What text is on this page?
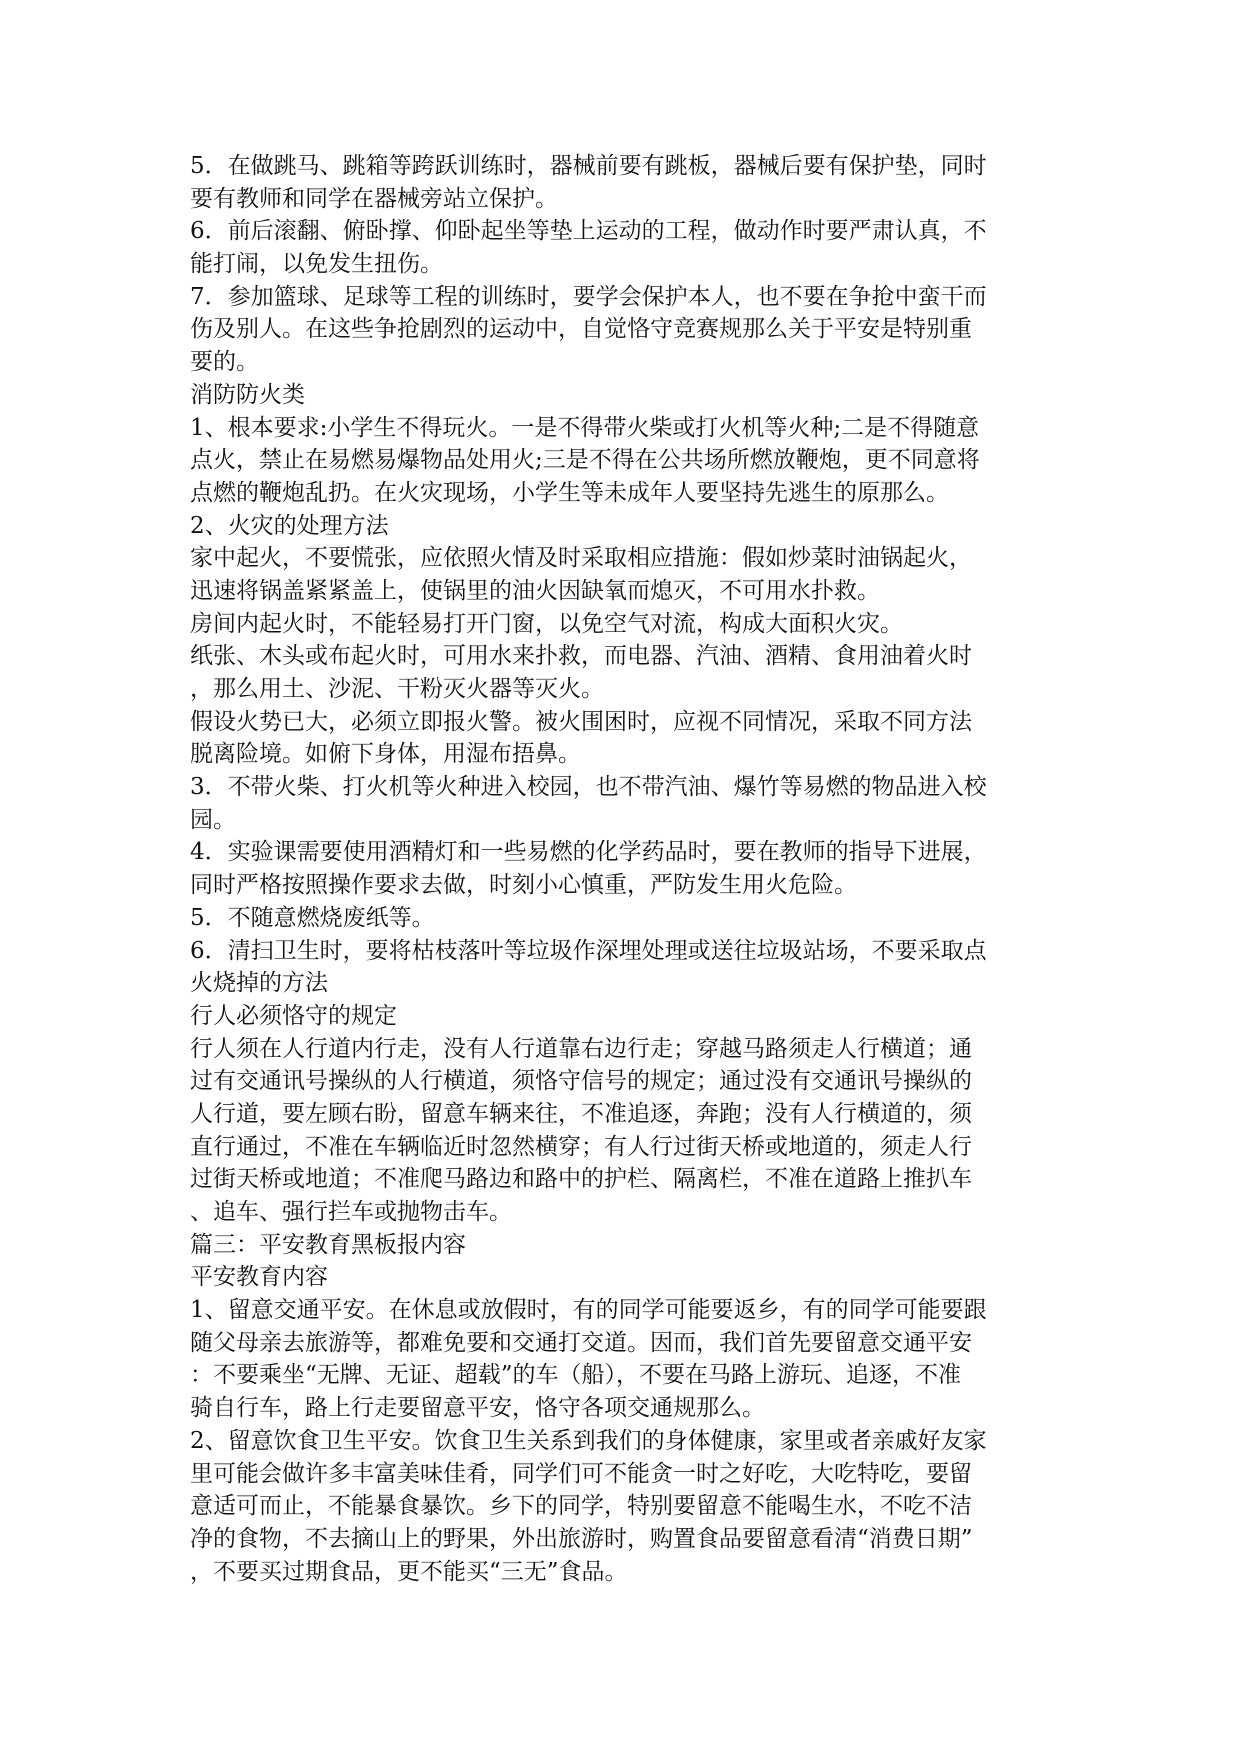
5．在做跳马、跳箱等跨跃训练时，器械前要有跳板，器械后要有保护垫，同时
要有教师和同学在器械旁站立保护。
6．前后滚翻、俯卧撑、仰卧起坐等垫上运动的工程，做动作时要严肃认真，不
能打闹，以免发生扭伤。
7．参加篮球、足球等工程的训练时，要学会保护本人，也不要在争抢中蛮干而
伤及别人。在这些争抢剧烈的运动中，自觉恪守竞赛规那么关于平安是特别重
要的。
消防防火类
1、根本要求:小学生不得玩火。一是不得带火柴或打火机等火种;二是不得随意
点火，禁止在易燃易爆物品处用火;三是不得在公共场所燃放鞭炮，更不同意将
点燃的鞭炮乱扔。在火灾现场，小学生等未成年人要坚持先逃生的原那么。
2、火灾的处理方法
家中起火，不要慌张，应依照火情及时采取相应措施：假如炒菜时油锅起火，
迅速将锅盖紧紧盖上，使锅里的油火因缺氧而熄灭，不可用水扑救。
房间内起火时，不能轻易打开门窗，以免空气对流，构成大面积火灾。
纸张、木头或布起火时，可用水来扑救，而电器、汽油、酒精、食用油着火时
，那么用土、沙泥、干粉灭火器等灭火。
假设火势已大，必须立即报火警。被火围困时，应视不同情况，采取不同方法
脱离险境。如俯下身体，用湿布捂鼻。
3．不带火柴、打火机等火种进入校园，也不带汽油、爆竹等易燃的物品进入校
园。
4．实验课需要使用酒精灯和一些易燃的化学药品时，要在教师的指导下进展，
同时严格按照操作要求去做，时刻小心慎重，严防发生用火危险。
5．不随意燃烧废纸等。
6．清扫卫生时，要将枯枝落叶等垃圾作深埋处理或送往垃圾站场，不要采取点
火烧掉的方法
行人必须恪守的规定
行人须在人行道内行走，没有人行道靠右边行走；穿越马路须走人行横道；通
过有交通讯号操纵的人行横道，须恪守信号的规定；通过没有交通讯号操纵的
人行道，要左顾右盼，留意车辆来往，不准追逐，奔跑；没有人行横道的，须
直行通过，不准在车辆临近时忽然横穿；有人行过街天桥或地道的，须走人行
过街天桥或地道；不准爬马路边和路中的护栏、隔离栏，不准在道路上推扒车
、追车、强行拦车或抛物击车。
篇三：平安教育黑板报内容
平安教育内容
1、留意交通平安。在休息或放假时，有的同学可能要返乡，有的同学可能要跟
随父母亲去旅游等，都难免要和交通打交道。因而，我们首先要留意交通平安
：不要乘坐“无牌、无证、超载”的车（船），不要在马路上游玩、追逐，不准
骑自行车，路上行走要留意平安，恪守各项交通规那么。
2、留意饮食卫生平安。饮食卫生关系到我们的身体健康，家里或者亲戚好友家
里可能会做许多丰富美味佳肴，同学们可不能贪一时之好吃，大吃特吃，要留
意适可而止，不能暴食暴饮。乡下的同学，特别要留意不能喝生水，不吃不洁
净的食物，不去摘山上的野果，外出旅游时，购置食品要留意看清“消费日期”
，不要买过期食品，更不能买“三无”食品。
